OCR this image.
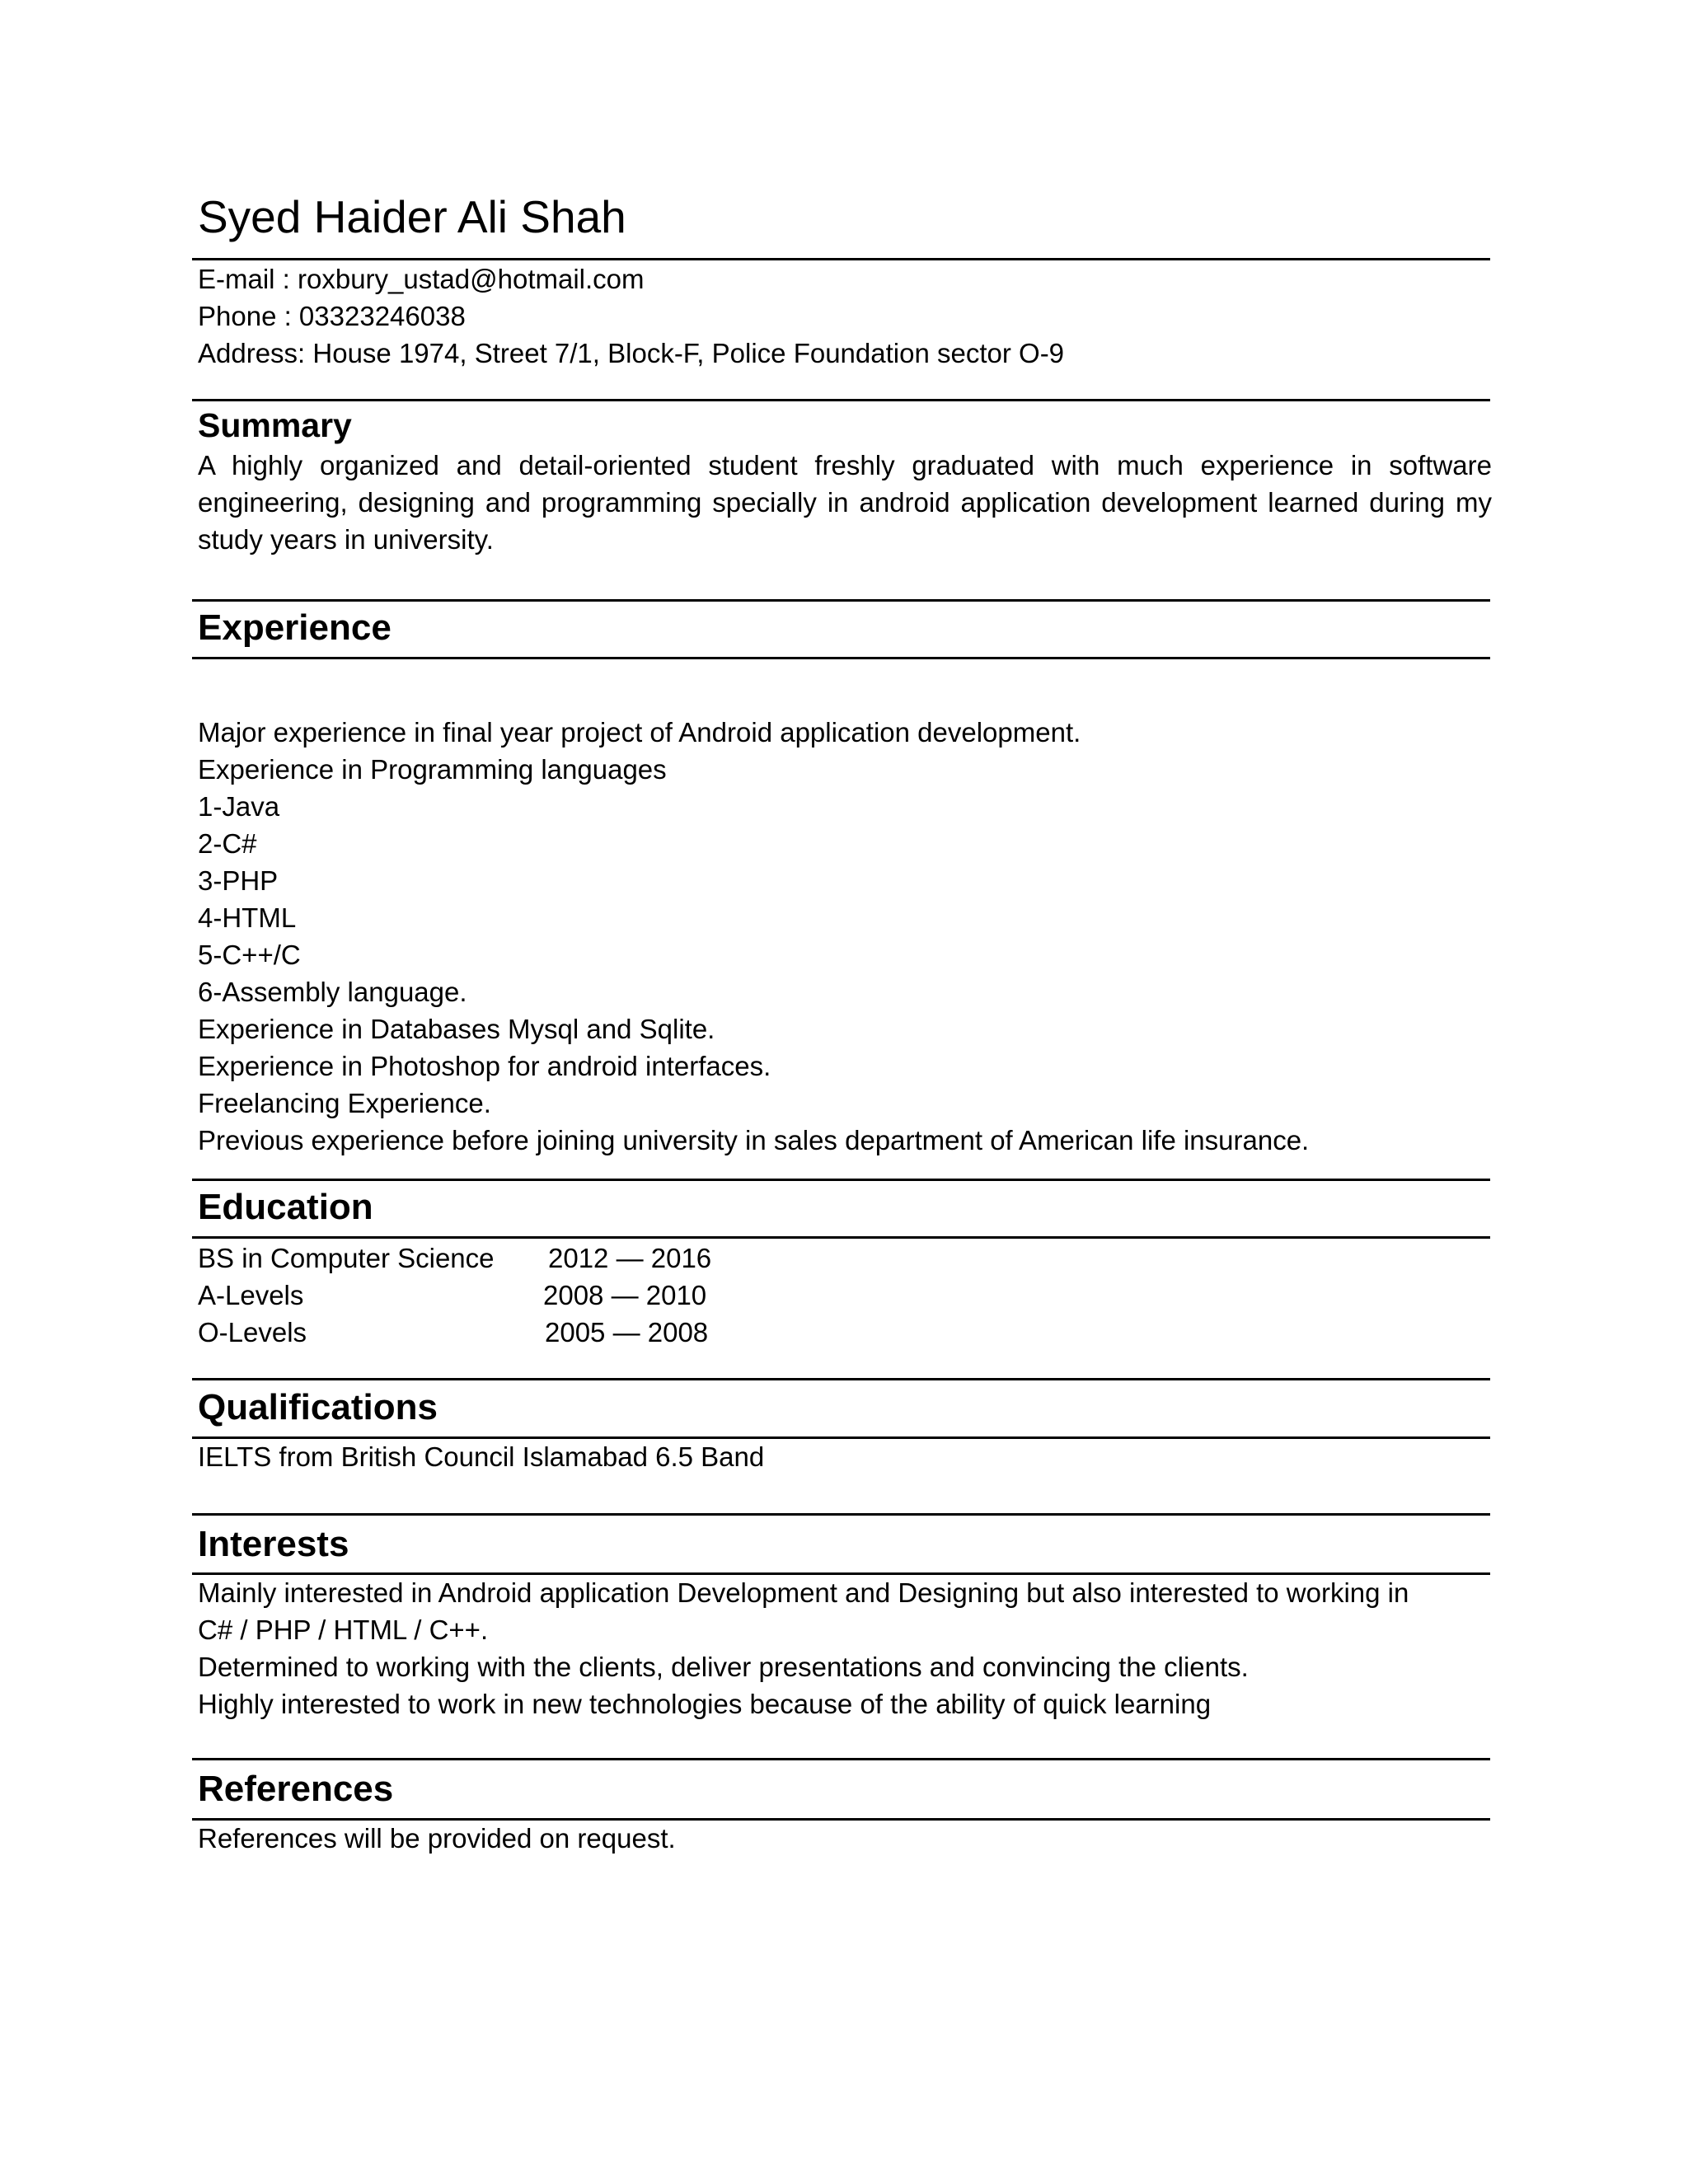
Syed Haider Ali Shah

E-mail : roxbury_ustad@hotmail.com

Phone : 03323246038

Address: House 1974, Street 7/1, Block-F, Police Foundation sector O-9

Summary

A highly organized and detail-oriented student freshly graduated with much experience in software engineering, designing and programming specially in android application development learned during my study years in university.

Experience
Major experience in final year project of Android application development.
Experience in Programming languages
1-Java
2-C#
3-PHP
4-HTML
5-C++/C
6-Assembly language.
Experience in Databases Mysql and Sqlite.
Experience in Photoshop for android interfaces.
Freelancing Experience.
Previous experience before joining university in sales department of American life insurance.
Education
BS in Computer Science 2012 — 2016
A-Levels	2008 — 2010
O-Levels	2005 — 2008
Qualifications

IELTS from British Council Islamabad 6.5 Band

Interests

Mainly interested in Android application Development and Designing but also interested to working in

C# / PHP / HTML / C++.

Determined to working with the clients, deliver presentations and convincing the clients.

Highly interested to work in new technologies because of the ability of quick learning

References

References will be provided on request.
